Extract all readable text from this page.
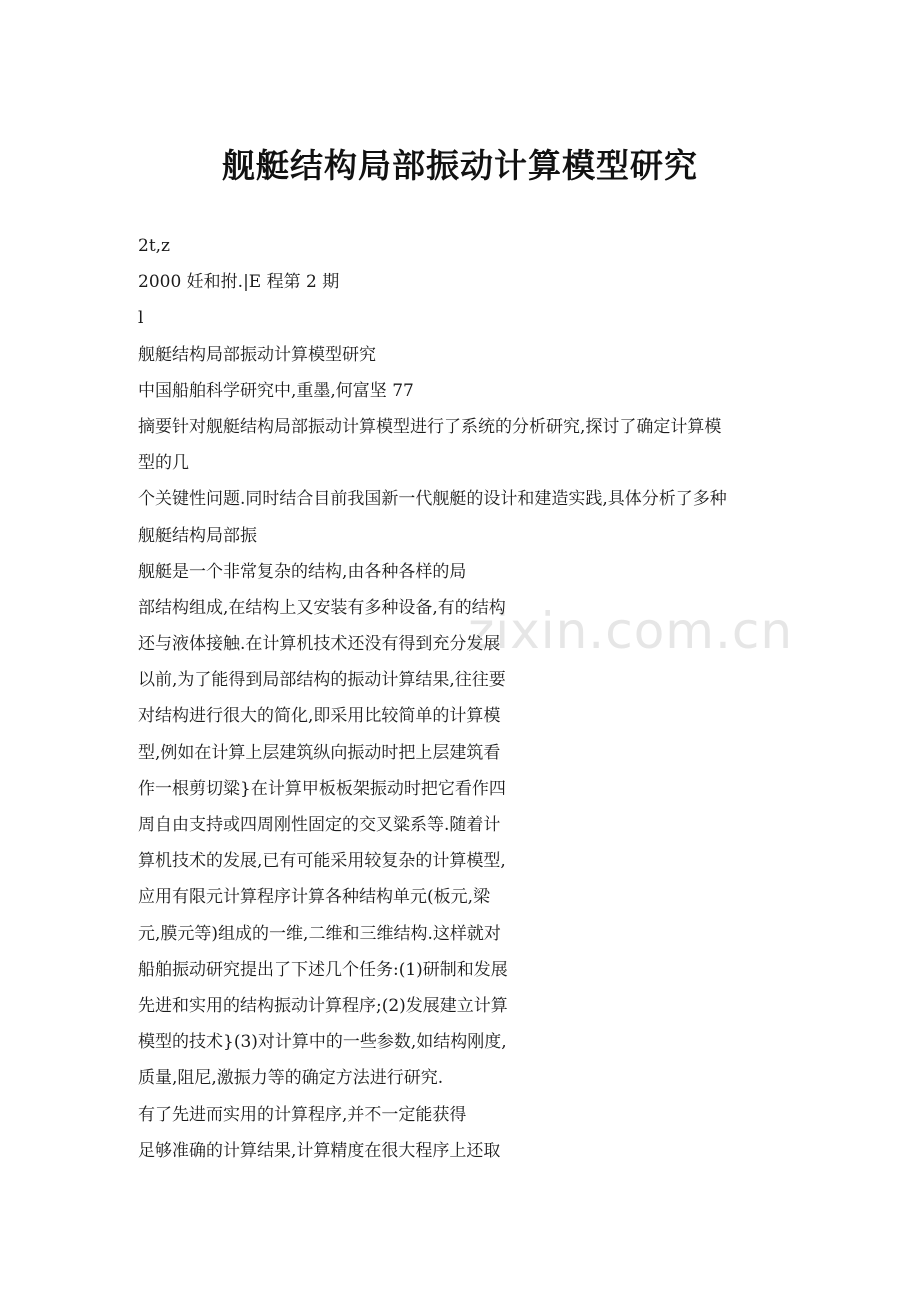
zixin.com.cn
舰艇结构局部振动计算模型研究
2t,z
2000 妊和拊.|E 程第 2 期
l
舰艇结构局部振动计算模型研究
中国船舶科学研究中,重墨,何富坚 77
摘要针对舰艇结构局部振动计算模型进行了系统的分析研究,探讨了确定计算模
型的几
个关键性问题.同时结合目前我国新一代舰艇的设计和建造实践,具体分析了多种
舰艇结构局部振
舰艇是一个非常复杂的结构,由各种各样的局
部结构组成,在结构上又安装有多种设备,有的结构
还与液体接触.在计算机技术还没有得到充分发展
以前,为了能得到局部结构的振动计算结果,往往要
对结构进行很大的简化,即采用比较简单的计算模
型,例如在计算上层建筑纵向振动时把上层建筑看
作一根剪切粱}在计算甲板板架振动时把它看作四
周自由支持或四周刚性固定的交叉粱系等.随着计
算机技术的发展,已有可能采用较复杂的计算模型,
应用有限元计算程序计算各种结构单元(板元,梁
元,膜元等)组成的一维,二维和三维结构.这样就对
船舶振动研究提出了下述几个任务:(1)研制和发展
先进和实用的结构振动计算程序;(2)发展建立计算
模型的技术}(3)对计算中的一些参数,如结构刚度,
质量,阻尼,激振力等的确定方法进行研究.
有了先进而实用的计算程序,并不一定能获得
足够准确的计算结果,计算精度在很大程序上还取
